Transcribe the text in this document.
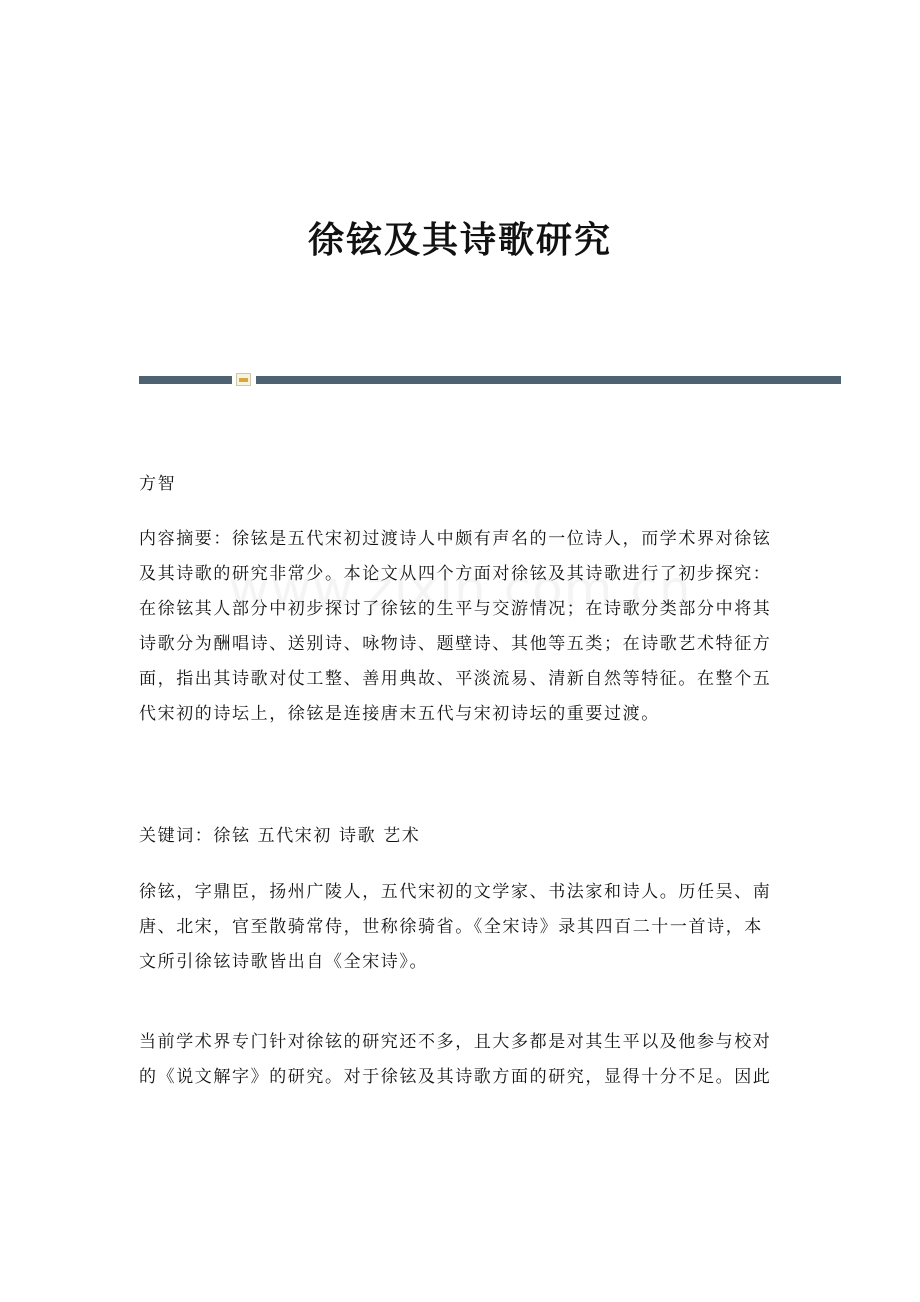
徐铉及其诗歌研究

方智

内容摘要：徐铉是五代宋初过渡诗人中颇有声名的一位诗人，而学术界对徐铉及其诗歌的研究非常少。本论文从四个方面对徐铉及其诗歌进行了初步探究：在徐铉其人部分中初步探讨了徐铉的生平与交游情况；在诗歌分类部分中将其诗歌分为酬唱诗、送别诗、咏物诗、题壁诗、其他等五类；在诗歌艺术特征方面，指出其诗歌对仗工整、善用典故、平淡流易、清新自然等特征。在整个五代宋初的诗坛上，徐铉是连接唐末五代与宋初诗坛的重要过渡。

关键词：徐铉 五代宋初 诗歌 艺术

徐铉，字鼎臣，扬州广陵人，五代宋初的文学家、书法家和诗人。历任吴、南唐、北宋，官至散骑常侍，世称徐骑省。《全宋诗》录其四百二十一首诗，本文所引徐铉诗歌皆出自《全宋诗》。

当前学术界专门针对徐铉的研究还不多，且大多都是对其生平以及他参与校对的《说文解字》的研究。对于徐铉及其诗歌方面的研究，显得十分不足。因此
